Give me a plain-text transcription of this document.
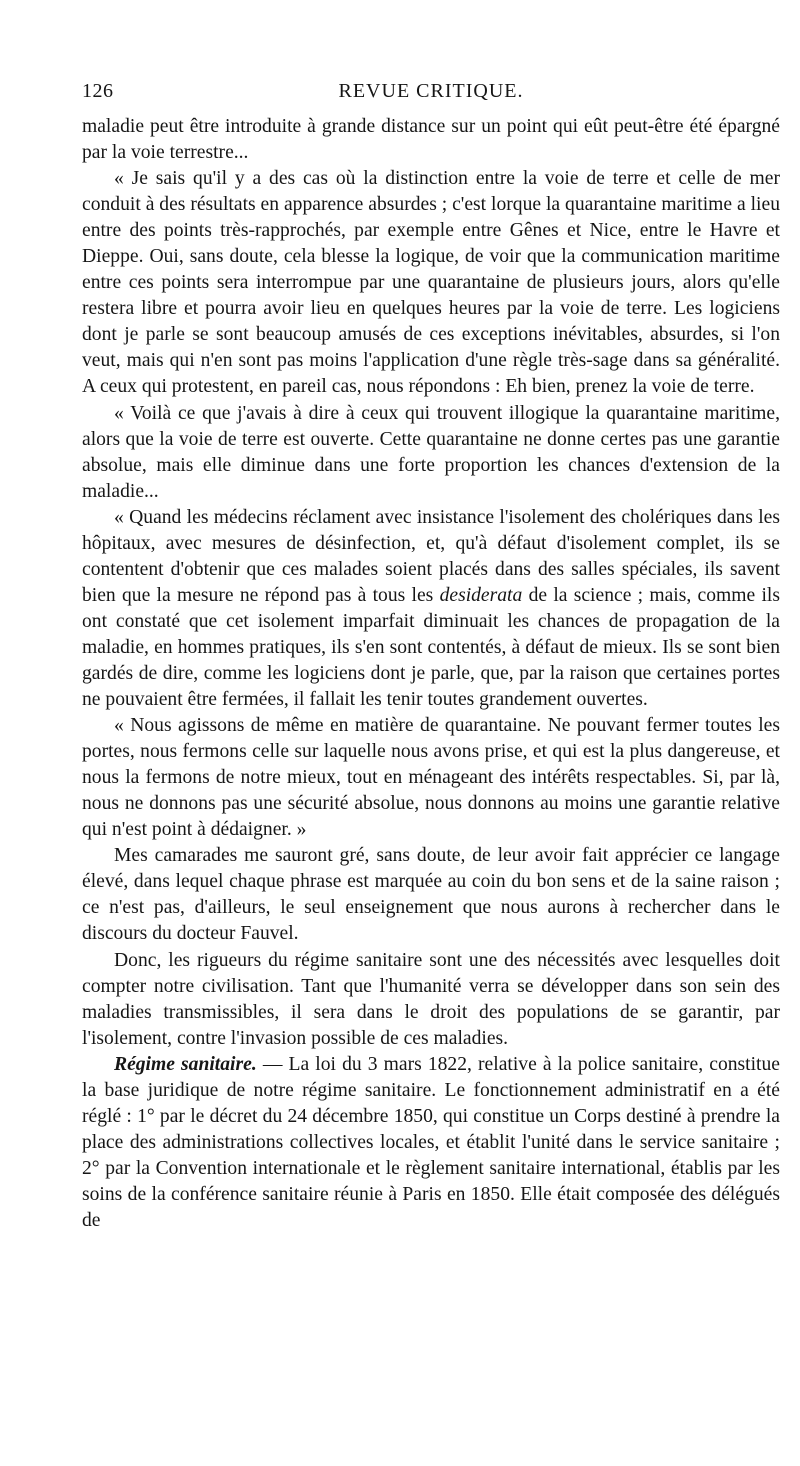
126	REVUE CRITIQUE.

maladie peut être introduite à grande distance sur un point qui eût peut-être été épargné par la voie terrestre...

« Je sais qu'il y a des cas où la distinction entre la voie de terre et celle de mer conduit à des résultats en apparence absurdes ; c'est lorque la quarantaine maritime a lieu entre des points très-rapprochés, par exemple entre Gênes et Nice, entre le Havre et Dieppe. Oui, sans doute, cela blesse la logique, de voir que la communication maritime entre ces points sera interrompue par une quarantaine de plusieurs jours, alors qu'elle restera libre et pourra avoir lieu en quelques heures par la voie de terre. Les logiciens dont je parle se sont beaucoup amusés de ces exceptions inévitables, absurdes, si l'on veut, mais qui n'en sont pas moins l'application d'une règle très-sage dans sa généralité. A ceux qui protestent, en pareil cas, nous répondons : Eh bien, prenez la voie de terre.

« Voilà ce que j'avais à dire à ceux qui trouvent illogique la quarantaine maritime, alors que la voie de terre est ouverte. Cette quarantaine ne donne certes pas une garantie absolue, mais elle diminue dans une forte proportion les chances d'extension de la maladie...

« Quand les médecins réclament avec insistance l'isolement des cholériques dans les hôpitaux, avec mesures de désinfection, et, qu'à défaut d'isolement complet, ils se contentent d'obtenir que ces malades soient placés dans des salles spéciales, ils savent bien que la mesure ne répond pas à tous les desiderata de la science ; mais, comme ils ont constaté que cet isolement imparfait diminuait les chances de propagation de la maladie, en hommes pratiques, ils s'en sont contentés, à défaut de mieux. Ils se sont bien gardés de dire, comme les logiciens dont je parle, que, par la raison que certaines portes ne pouvaient être fermées, il fallait les tenir toutes grandement ouvertes.

« Nous agissons de même en matière de quarantaine. Ne pouvant fermer toutes les portes, nous fermons celle sur laquelle nous avons prise, et qui est la plus dangereuse, et nous la fermons de notre mieux, tout en ménageant des intérêts respectables. Si, par là, nous ne donnons pas une sécurité absolue, nous donnons au moins une garantie relative qui n'est point à dédaigner. »

Mes camarades me sauront gré, sans doute, de leur avoir fait apprécier ce langage élevé, dans lequel chaque phrase est marquée au coin du bon sens et de la saine raison ; ce n'est pas, d'ailleurs, le seul enseignement que nous aurons à rechercher dans le discours du docteur Fauvel.

Donc, les rigueurs du régime sanitaire sont une des nécessités avec lesquelles doit compter notre civilisation. Tant que l'humanité verra se développer dans son sein des maladies transmissibles, il sera dans le droit des populations de se garantir, par l'isolement, contre l'invasion possible de ces maladies.

Régime sanitaire. — La loi du 3 mars 1822, relative à la police sanitaire, constitue la base juridique de notre régime sanitaire. Le fonctionnement administratif en a été réglé : 1° par le décret du 24 décembre 1850, qui constitue un Corps destiné à prendre la place des administrations collectives locales, et établit l'unité dans le service sanitaire ; 2° par la Convention internationale et le règlement sanitaire international, établis par les soins de la conférence sanitaire réunie à Paris en 1850. Elle était composée des délégués de
